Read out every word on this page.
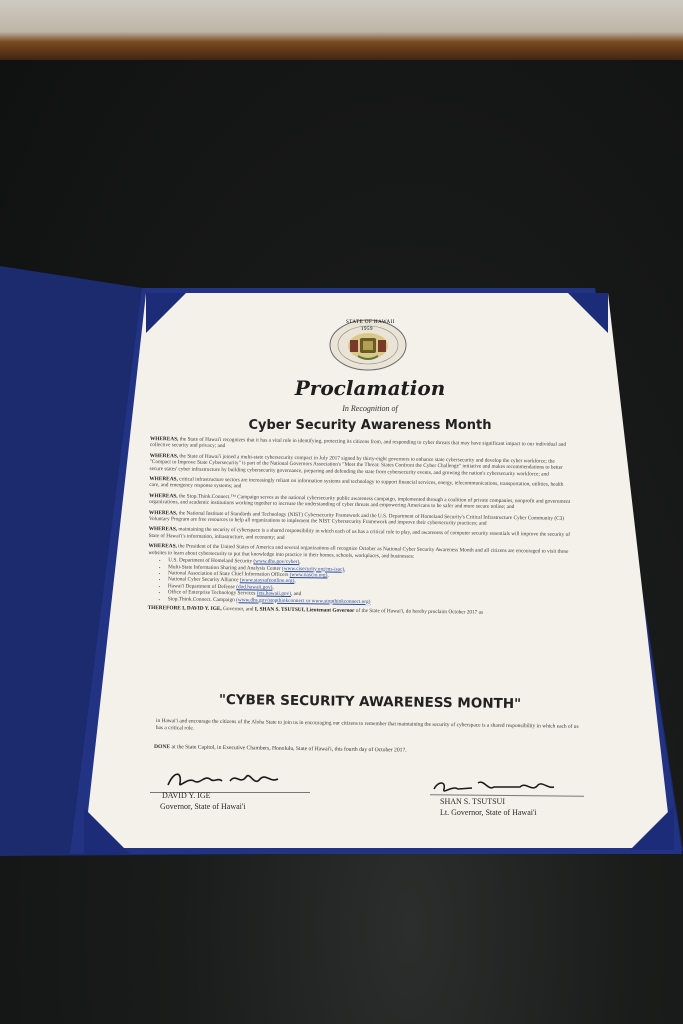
STATE OF HAWAII
1959
Proclamation
In Recognition of
Cyber Security Awareness Month

WHEREAS, the State of Hawai'i recognizes that it has a vital role in identifying, protecting its citizens from, and responding to cyber threats that may have significant impact to our individual and collective security and privacy; and

WHEREAS, the State of Hawai'i joined a multi-state cybersecurity compact in July 2017 signed by thirty-eight governors to enhance state cybersecurity and develop the cyber workforce; the "Compact to Improve State Cybersecurity" is part of the National Governors Association's "Meet the Threat: States Confront the Cyber Challenge" initiative and makes recommendations to better secure states' cyber infrastructure by building cybersecurity governance, preparing and defending the state from cybersecurity events, and growing the nation's cybersecurity workforce; and

WHEREAS, critical infrastructure sectors are increasingly reliant on information systems and technology to support financial services, energy, telecommunications, transportation, utilities, health care, and emergency response systems; and

WHEREAS, the Stop.Think.Connect.™ Campaign serves as the national cybersecurity public awareness campaign, implemented through a coalition of private companies, nonprofit and government organizations, and academic institutions working together to increase the understanding of cyber threats and empowering Americans to be safer and more secure online; and

WHEREAS, the National Institute of Standards and Technology (NIST) Cybersecurity Framework and the U.S. Department of Homeland Security's Critical Infrastructure Cyber Community (C3) Voluntary Program are free resources to help all organizations to implement the NIST Cybersecurity Framework and improve their cybersecurity practices; and

WHEREAS, maintaining the security of cyberspace is a shared responsibility in which each of us has a critical role to play, and awareness of computer security essentials will improve the security of State of Hawai'i's information, infrastructure, and economy; and

WHEREAS, the President of the United States of America and several organizations all recognize October as National Cyber Security Awareness Month and all citizens are encouraged to visit these websites to learn about cybersecurity to put that knowledge into practice in their homes, schools, workplaces, and businesses:

• U.S. Department of Homeland Security (www.dhs.gov/cyber),
• Multi-State Information Sharing and Analysis Center (www.cisecurity.org/ms-isac),
• National Association of State Chief Information Officers (www.nascio.org),
• National Cyber Security Alliance (www.staysafeonline.org),
• Hawai'i Department of Defense (dod.hawaii.gov),
• Office of Enterprise Technology Services (ets.hawaii.gov), and
• Stop.Think.Connect. Campaign (www.dhs.gov/stopthinkconnect or www.stopthinkconnect.org)

THEREFORE I, DAVID Y. IGE, Governor, and I, SHAN S. TSUTSUI, Lieutenant Governor of the State of Hawai'i, do hereby proclaim October 2017 as

"CYBER SECURITY AWARENESS MONTH"
in Hawai'i and encourage the citizens of the Aloha State to join us in encouraging our citizens to remember that maintaining the security of cyberspace is a shared responsibility in which each of us has a critical role.
DONE at the State Capitol, in Executive Chambers, Honolulu, State of Hawai'i, this fourth day of October 2017.
DAVID Y. IGE
Governor, State of Hawai'i
SHAN S. TSUTSUI
Lt. Governor, State of Hawai'i
